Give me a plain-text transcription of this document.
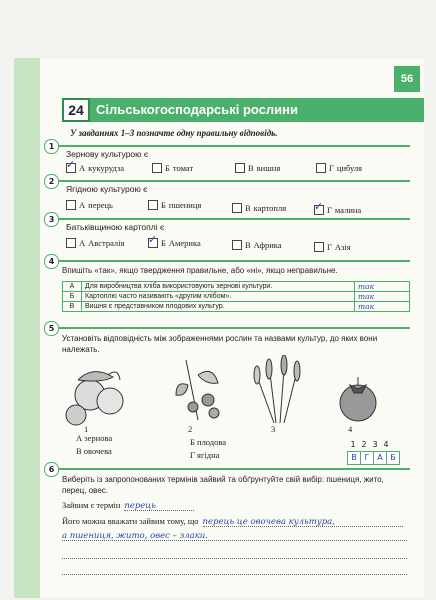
56
24 Сільськогосподарські рослини
У завданнях 1–3 позначте одну правильну відповідь.
1
Зернову культурою є
✓ А кукурудза	Б томат	В вишня	Г цибуля
2
Ягідною культурою є
А перець	Б пшениця	В картопля	✓ Г малина
3
Батьківщиною картоплі є
А Австралія ✓ Б Америка	В Африка	Г Азія
4
Впишіть «так», якщо твердження правильне, або «ні», якщо неправильне.
А	Для виробництва хліба використовують зернові культури.	так
Б	Картоплю часто називають «другим хлібом».	так
В	Вишня є представником плодових культур.	так
5
Установіть відповідність між зображеннями рослин та назвами культур, до яких вони належать.
1	2	3	4
А зернова	Б плодова
В овочева	Г ягідна
1 2 3 4
В Г А Б
6
Виберіть із запропонованих термінів зайвий та обґрунтуйте свій вибір: пшениця, жито, перец, овес.
Зайвим є термін перець
Його можна вважати зайвим тому, що перець це овочева культура,
а пшениця, жито, овес – злаки.
